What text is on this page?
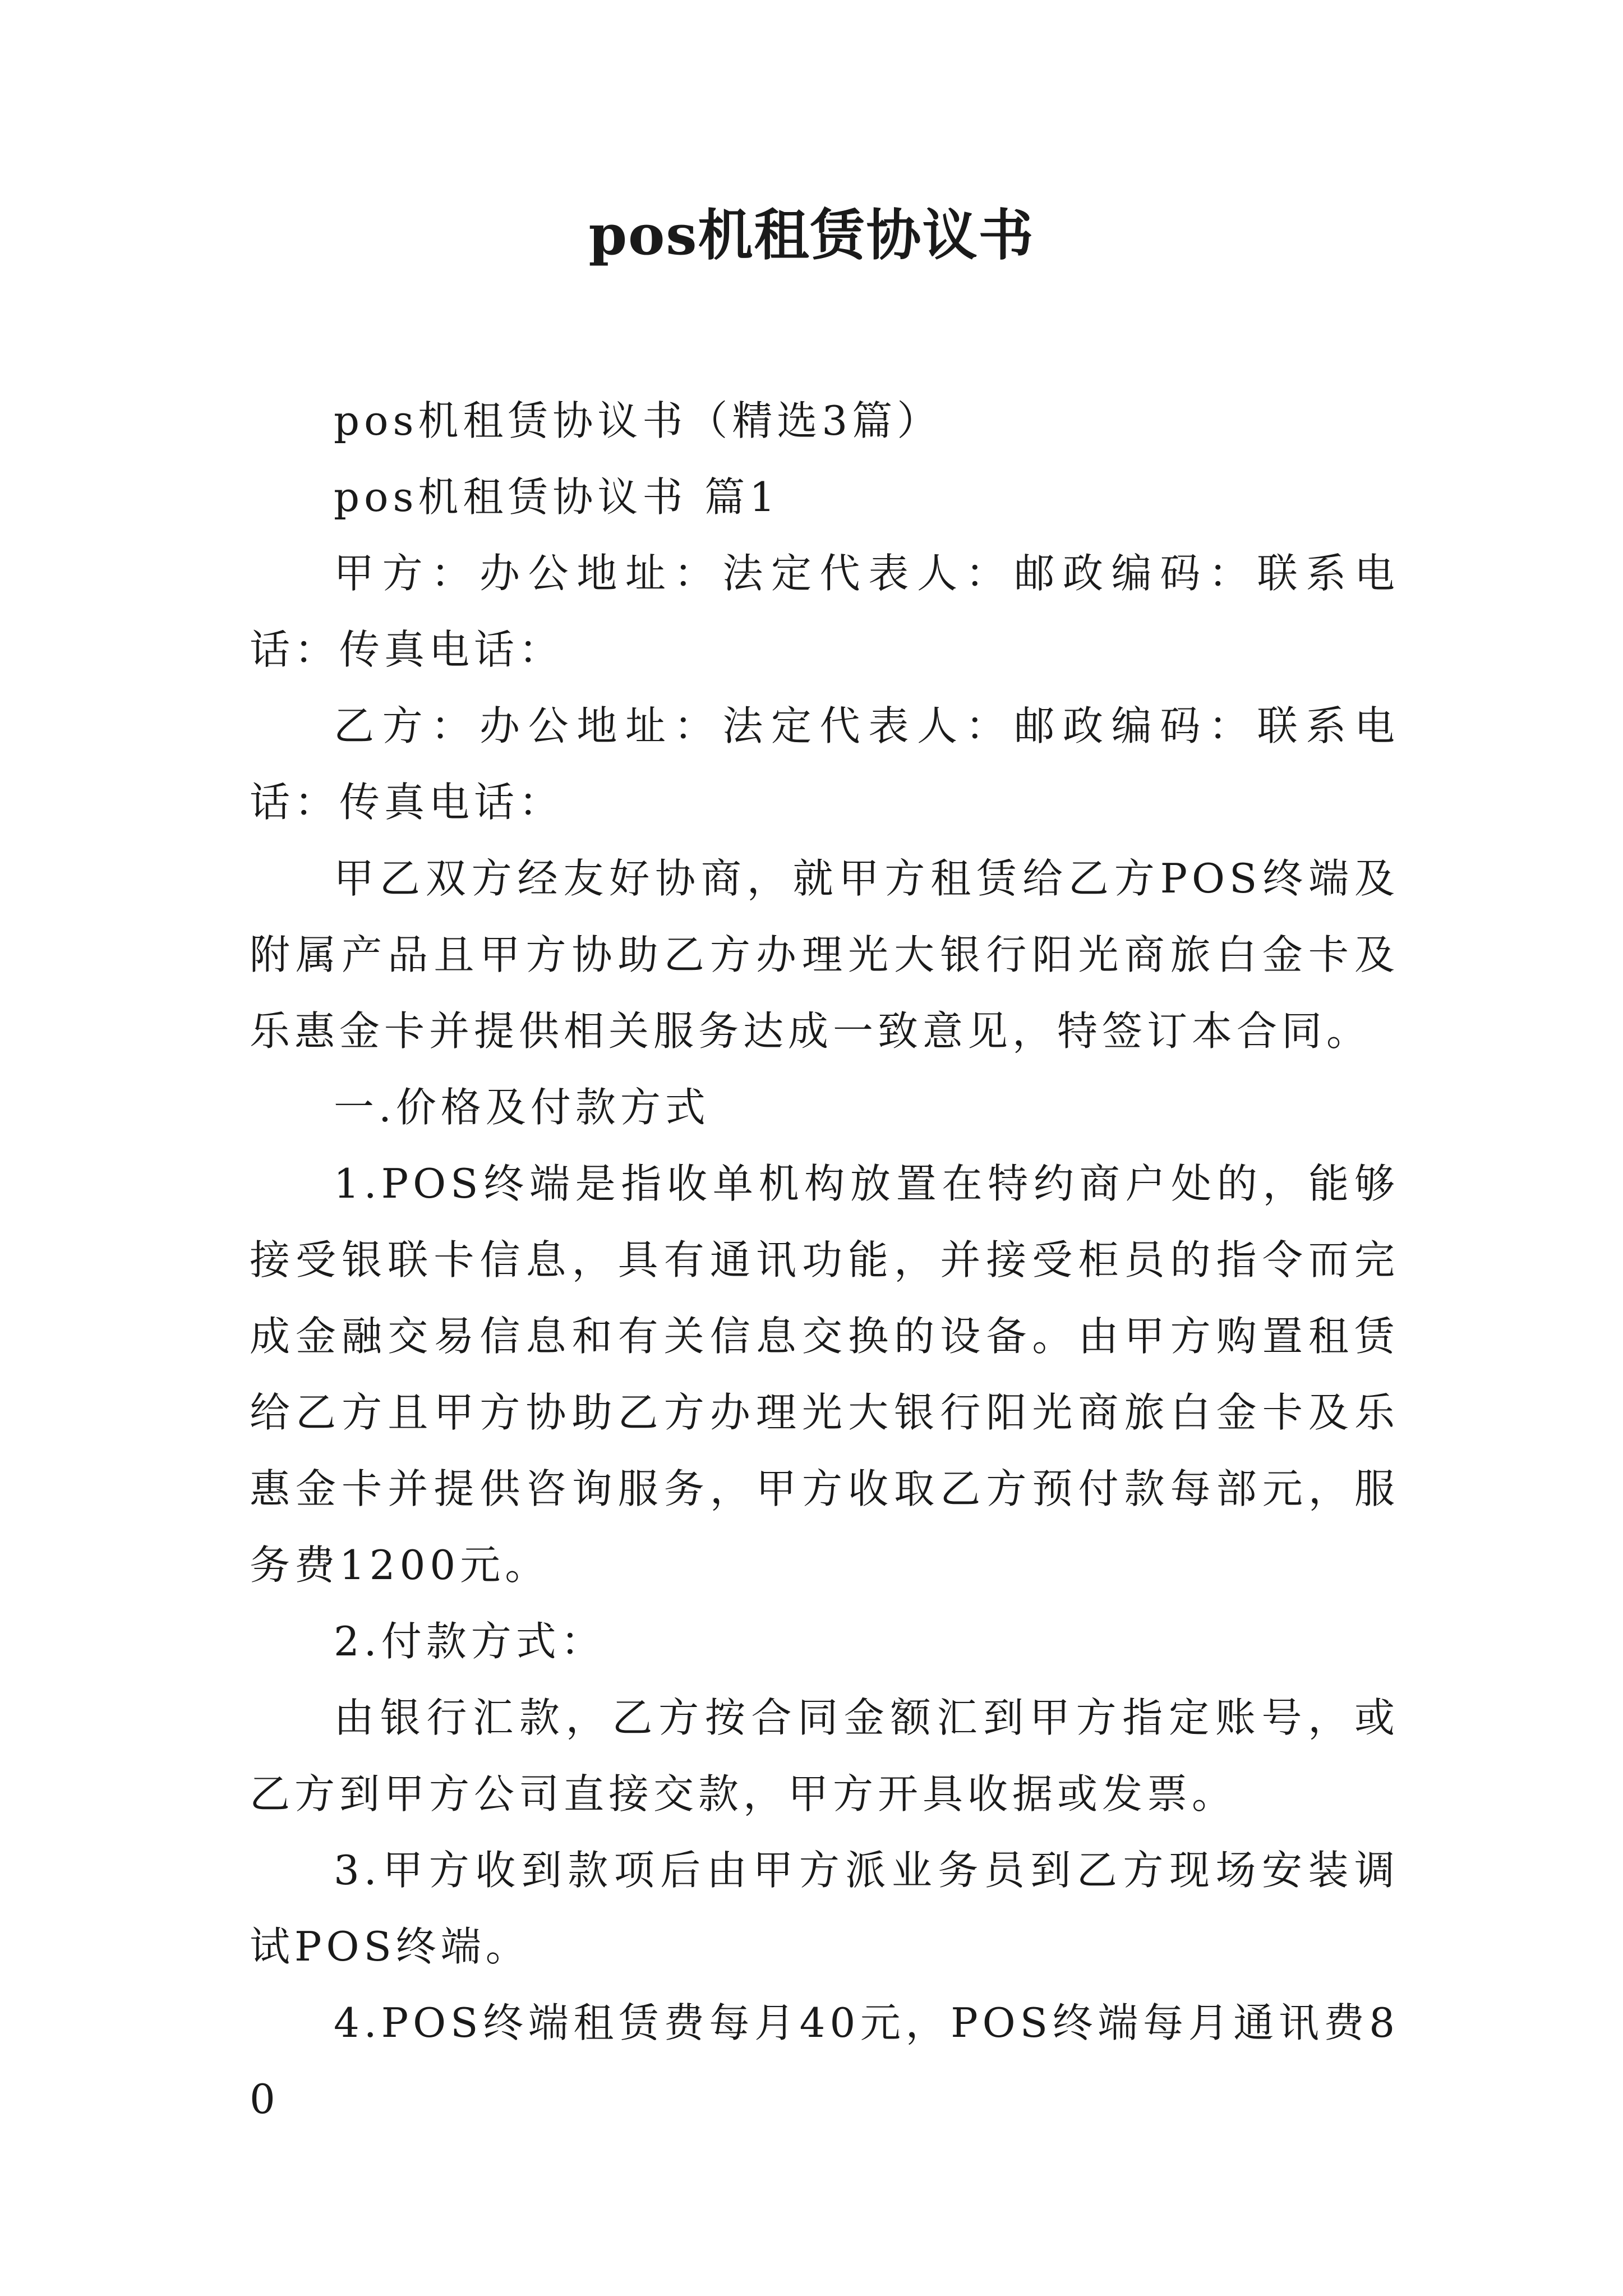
pos机租赁协议书

pos机租赁协议书（精选3篇）

pos机租赁协议书 篇1

甲方：办公地址：法定代表人：邮政编码：联系电话：传真电话：

乙方：办公地址：法定代表人：邮政编码：联系电话：传真电话：

甲乙双方经友好协商，就甲方租赁给乙方POS终端及附属产品且甲方协助乙方办理光大银行阳光商旅白金卡及乐惠金卡并提供相关服务达成一致意见，特签订本合同。

一.价格及付款方式

1.POS终端是指收单机构放置在特约商户处的，能够接受银联卡信息，具有通讯功能，并接受柜员的指令而完成金融交易信息和有关信息交换的设备。由甲方购置租赁给乙方且甲方协助乙方办理光大银行阳光商旅白金卡及乐惠金卡并提供咨询服务，甲方收取乙方预付款每部元，服务费1200元。

2.付款方式：

由银行汇款，乙方按合同金额汇到甲方指定账号，或乙方到甲方公司直接交款，甲方开具收据或发票。

3.甲方收到款项后由甲方派业务员到乙方现场安装调试POS终端。

4.POS终端租赁费每月40元，POS终端每月通讯费80
